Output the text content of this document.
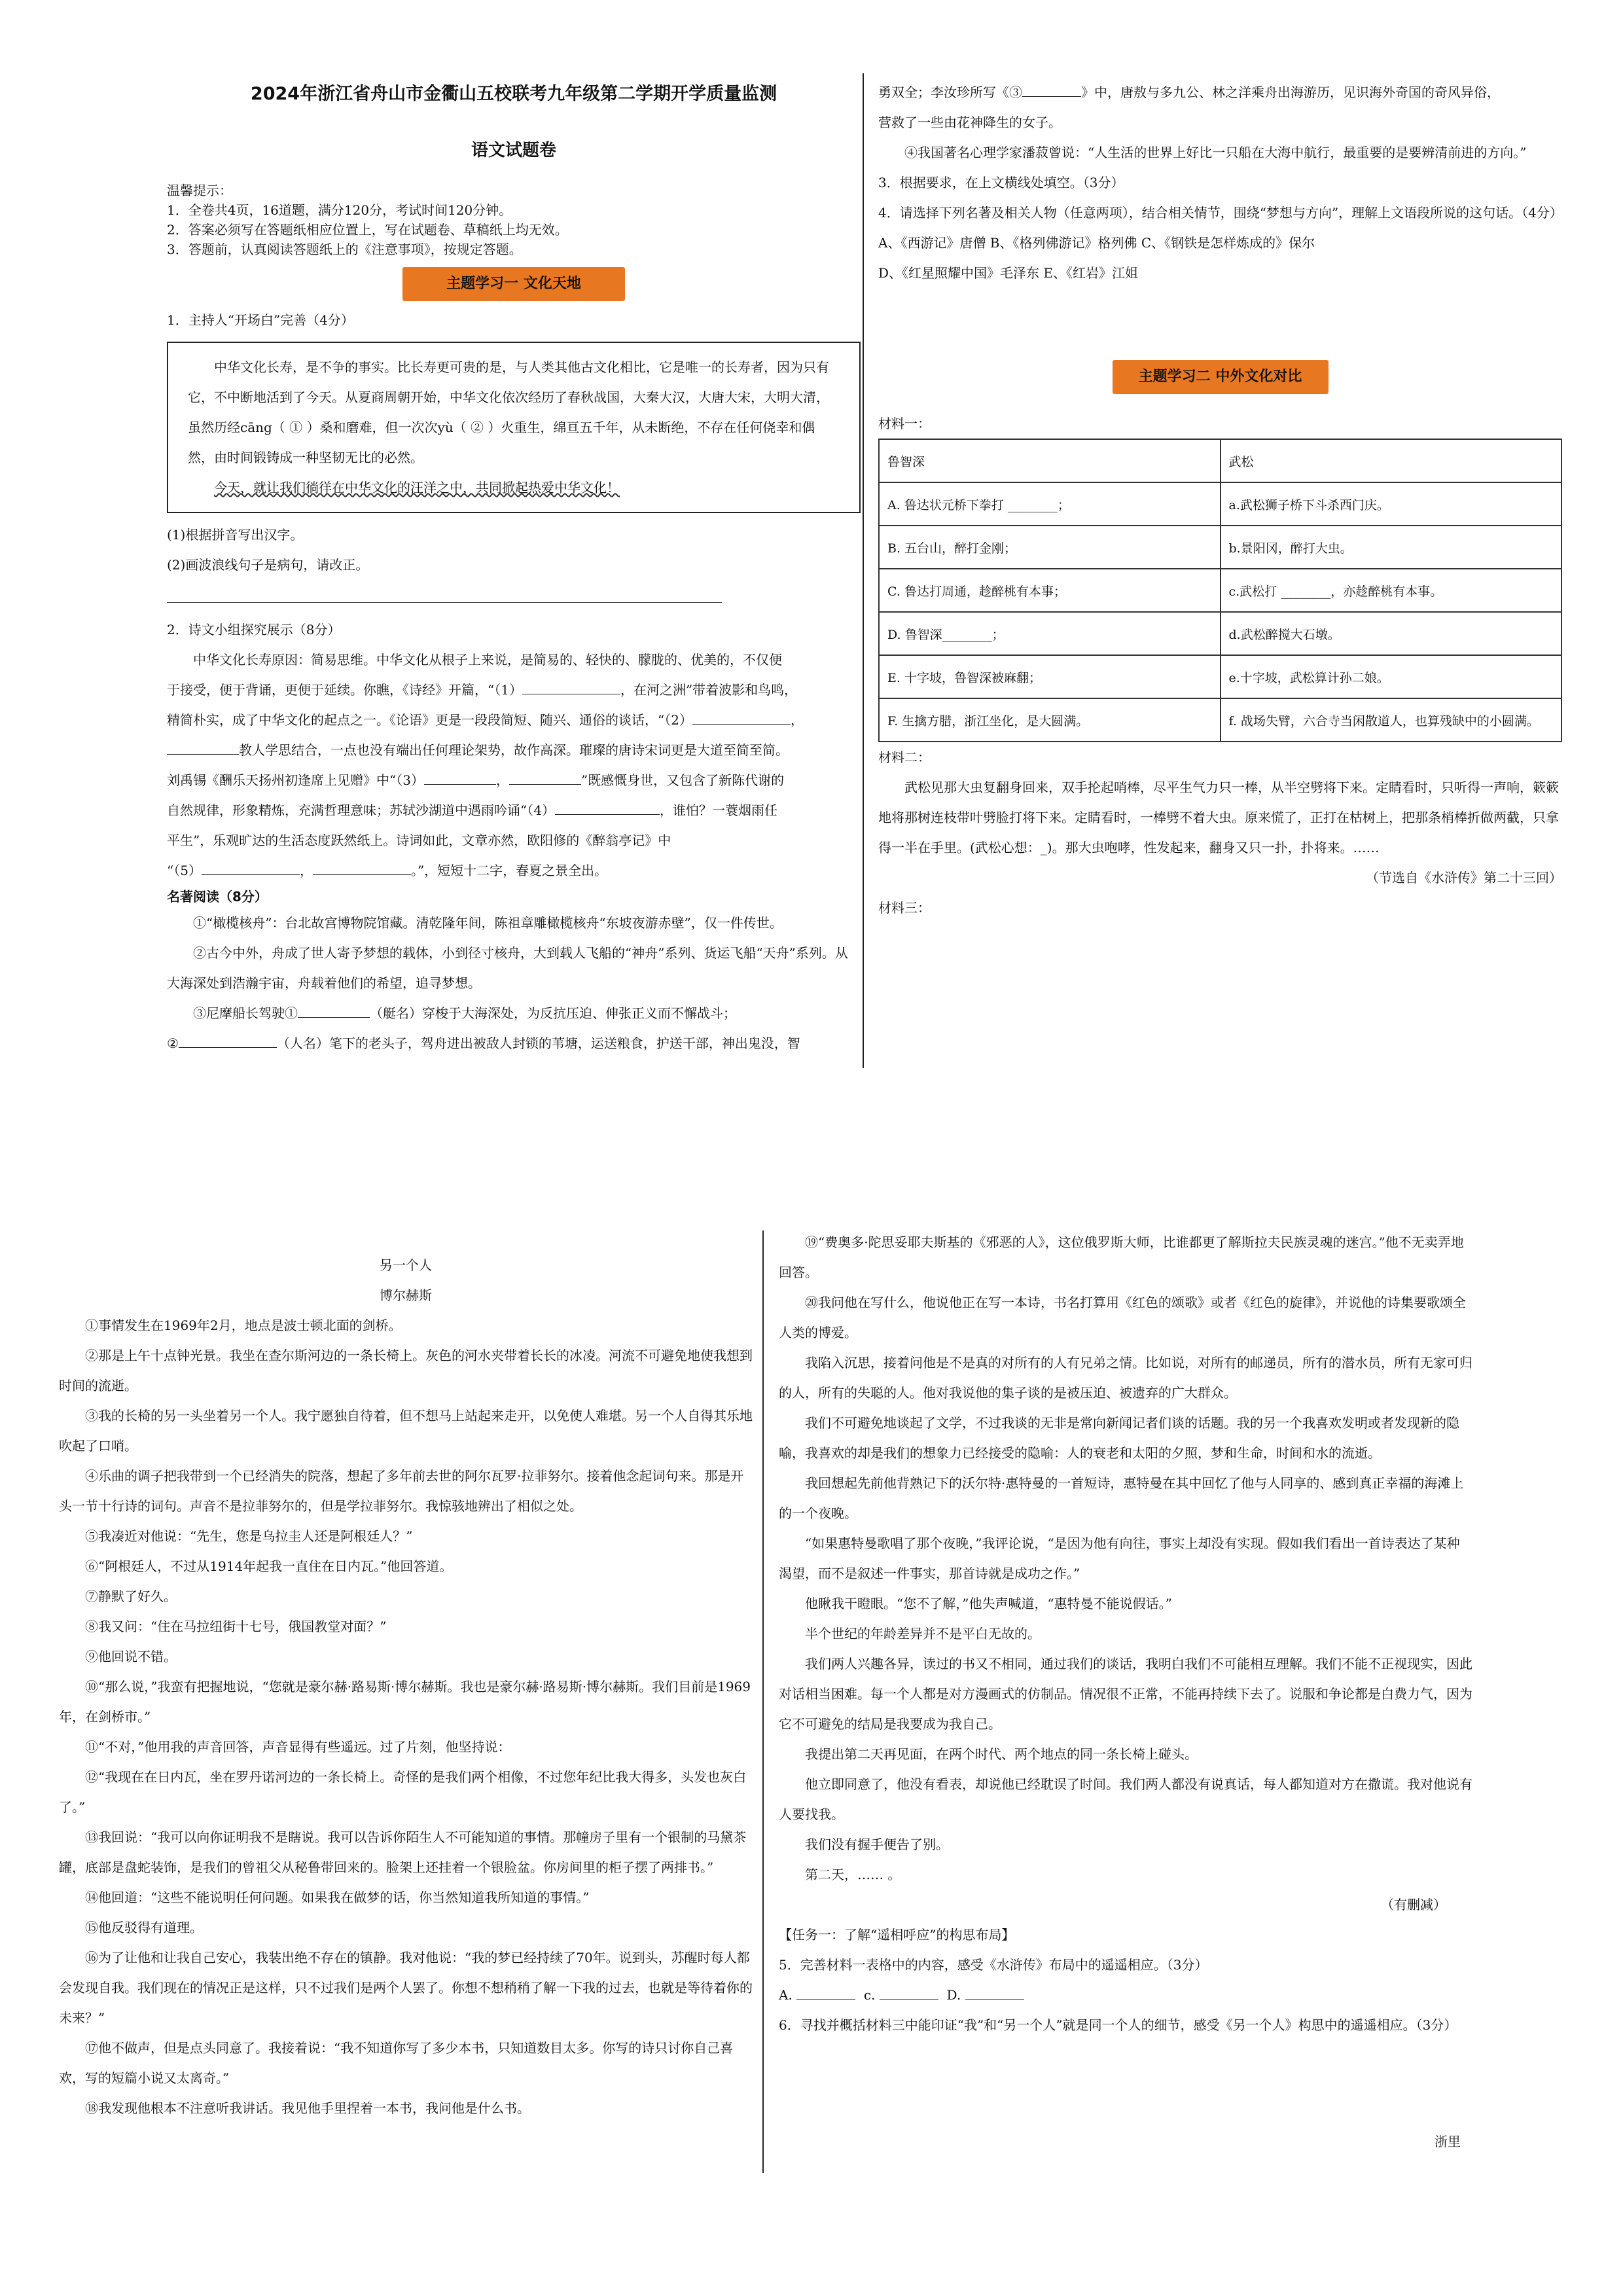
2024年浙江省舟山市金衢山五校联考九年级第二学期开学质量监测

语文试题卷

温馨提示：

1．全卷共4页，16道题，满分120分，考试时间120分钟。

2．答案必须写在答题纸相应位置上，写在试题卷、草稿纸上均无效。

3．答题前，认真阅读答题纸上的《注意事项》，按规定答题。

主题学习一 文化天地

1．主持人“开场白”完善（4分）

中华文化长寿，是不争的事实。比长寿更可贵的是，与人类其他古文化相比，它是唯一的长寿者，因为只有它，不中断地活到了今天。从夏商周朝开始，中华文化依次经历了春秋战国，大秦大汉，大唐大宋，大明大清，虽然历经cāng（ ① ）桑和磨难，但一次次yù（ ② ）火重生，绵亘五千年，从未断绝，不存在任何侥幸和偶然，由时间锻铸成一种坚韧无比的必然。

今天，就让我们徜徉在中华文化的汪洋之中，共同掀起热爱中华文化！

(1)根据拼音写出汉字。

(2)画波浪线句子是病句，请改正。

2．诗文小组探究展示（8分）

中华文化长寿原因：简易思维。中华文化从根子上来说，是简易的、轻快的、朦胧的、优美的，不仅便

于接受，便于背诵，更便于延续。你瞧，《诗经》开篇，“（1）	，在河之洲”带着波影和鸟鸣，

精简朴实，成了中华文化的起点之一。《论语》更是一段段简短、随兴、通俗的谈话，“（2）	，

教人学思结合，一点也没有端出任何理论架势，故作高深。璀璨的唐诗宋词更是大道至简至简。

刘禹锡《酬乐天扬州初逢席上见赠》中“（3）	，	”既感慨身世，又包含了新陈代谢的

自然规律，形象精炼，充满哲理意味；苏轼沙湖道中遇雨吟诵“（4）	，谁怕？一蓑烟雨任

平生”，乐观旷达的生活态度跃然纸上。诗词如此，文章亦然，欧阳修的《醉翁亭记》中

“（5）	，	。”，短短十二字，春夏之景全出。

名著阅读（8分）

①“橄榄核舟”：台北故宫博物院馆藏。清乾隆年间，陈祖章雕橄榄核舟“东坡夜游赤壁”，仅一件传世。

②古今中外，舟成了世人寄予梦想的载体，小到径寸核舟，大到载人飞船的“神舟”系列、货运飞船“天舟”系列。从大海深处到浩瀚宇宙，舟载着他们的希望，追寻梦想。

③尼摩船长驾驶①	（艇名）穿梭于大海深处，为反抗压迫、伸张正义而不懈战斗；

②	（人名）笔下的老头子，驾舟进出被敌人封锁的苇塘，运送粮食，护送干部，神出鬼没，智

勇双全；李汝珍所写《③	》中，唐敖与多九公、林之洋乘舟出海游历，见识海外奇国的奇风异俗，

营救了一些由花神降生的女子。

④我国著名心理学家潘菽曾说：“人生活的世界上好比一只船在大海中航行，最重要的是要辨清前进的方向。”

3．根据要求，在上文横线处填空。（3分）

4．请选择下列名著及相关人物（任意两项），结合相关情节，围绕“梦想与方向”，理解上文语段所说的这句话。（4分）

A、《西游记》唐僧 B、《格列佛游记》格列佛 C、《钢铁是怎样炼成的》保尔

D、《红星照耀中国》毛泽东 E、《红岩》江姐

主题学习二 中外文化对比

材料一：

鲁智深	武松
A. 鲁达状元桥下拳打 ________；	a.武松狮子桥下斗杀西门庆。
B. 五台山，醉打金刚；	b.景阳冈，醉打大虫。
C. 鲁达打周通，趁醉桃有本事；	c.武松打 ________，亦趁醉桃有本事。
D. 鲁智深________；	d.武松醉搅大石墩。
E. 十字坡，鲁智深被麻翻；	e.十字坡，武松算计孙二娘。
F. 生擒方腊，浙江坐化，是大圆满。	f. 战场失臂，六合寺当闲散道人，也算残缺中的小圆满。

材料二：

武松见那大虫复翻身回来，双手抡起哨棒，尽平生气力只一棒，从半空劈将下来。定睛看时，只听得一声响，簌簌地将那树连枝带叶劈脸打将下来。定睛看时，一棒劈不着大虫。原来慌了，正打在枯树上，把那条梢棒折做两截，只拿得一半在手里。(武松心想：_)。那大虫咆哮，性发起来，翻身又只一扑，扑将来。……

（节选自《水浒传》第二十三回）

材料三：

另一个人

博尔赫斯

①事情发生在1969年2月，地点是波士顿北面的剑桥。

②那是上午十点钟光景。我坐在查尔斯河边的一条长椅上。灰色的河水夹带着长长的冰凌。河流不可避免地使我想到时间的流逝。

③我的长椅的另一头坐着另一个人。我宁愿独自待着，但不想马上站起来走开，以免使人难堪。另一个人自得其乐地吹起了口哨。

④乐曲的调子把我带到一个已经消失的院落，想起了多年前去世的阿尔瓦罗·拉菲努尔。接着他念起词句来。那是开头一节十行诗的词句。声音不是拉菲努尔的，但是学拉菲努尔。我惊骇地辨出了相似之处。

⑤我凑近对他说：“先生，您是乌拉圭人还是阿根廷人？”

⑥“阿根廷人，不过从1914年起我一直住在日内瓦。”他回答道。

⑦静默了好久。

⑧我又问：“住在马拉纽街十七号，俄国教堂对面？”

⑨他回说不错。

⑩“那么说，”我蛮有把握地说，“您就是豪尔赫·路易斯·博尔赫斯。我也是豪尔赫·路易斯·博尔赫斯。我们目前是1969年，在剑桥市。”

⑪“不对，”他用我的声音回答，声音显得有些遥远。过了片刻，他坚持说：

⑫“我现在在日内瓦，坐在罗丹诺河边的一条长椅上。奇怪的是我们两个相像，不过您年纪比我大得多，头发也灰白了。”

⑬我回说：“我可以向你证明我不是瞎说。我可以告诉你陌生人不可能知道的事情。那幢房子里有一个银制的马黛茶罐，底部是盘蛇装饰，是我们的曾祖父从秘鲁带回来的。脸架上还挂着一个银脸盆。你房间里的柜子摆了两排书。”

⑭他回道：“这些不能说明任何问题。如果我在做梦的话，你当然知道我所知道的事情。”

⑮他反驳得有道理。

⑯为了让他和让我自己安心，我装出绝不存在的镇静。我对他说：“我的梦已经持续了70年。说到头，苏醒时每人都会发现自我。我们现在的情况正是这样，只不过我们是两个人罢了。你想不想稍稍了解一下我的过去，也就是等待着你的未来？”

⑰他不做声，但是点头同意了。我接着说：“我不知道你写了多少本书，只知道数目太多。你写的诗只讨你自己喜欢，写的短篇小说又太离奇。”

⑱我发现他根本不注意听我讲话。我见他手里捏着一本书，我问他是什么书。

⑲“费奥多·陀思妥耶夫斯基的《邪恶的人》，这位俄罗斯大师，比谁都更了解斯拉夫民族灵魂的迷宫。”他不无卖弄地回答。

⑳我问他在写什么，他说他正在写一本诗，书名打算用《红色的颂歌》或者《红色的旋律》，并说他的诗集要歌颂全人类的博爱。

我陷入沉思，接着问他是不是真的对所有的人有兄弟之情。比如说，对所有的邮递员，所有的潜水员，所有无家可归的人，所有的失聪的人。他对我说他的集子谈的是被压迫、被遗弃的广大群众。

我们不可避免地谈起了文学，不过我谈的无非是常向新闻记者们谈的话题。我的另一个我喜欢发明或者发现新的隐喻，我喜欢的却是我们的想象力已经接受的隐喻：人的衰老和太阳的夕照，梦和生命，时间和水的流逝。

我回想起先前他背熟记下的沃尔特·惠特曼的一首短诗，惠特曼在其中回忆了他与人同享的、感到真正幸福的海滩上的一个夜晚。

“如果惠特曼歌唱了那个夜晚，”我评论说，“是因为他有向往，事实上却没有实现。假如我们看出一首诗表达了某种渴望，而不是叙述一件事实，那首诗就是成功之作。”

他瞅我干瞪眼。“您不了解，”他失声喊道，“惠特曼不能说假话。”

半个世纪的年龄差异并不是平白无故的。

我们两人兴趣各异，读过的书又不相同，通过我们的谈话，我明白我们不可能相互理解。我们不能不正视现实，因此对话相当困难。每一个人都是对方漫画式的仿制品。情况很不正常，不能再持续下去了。说服和争论都是白费力气，因为它不可避免的结局是我要成为我自己。

我提出第二天再见面，在两个时代、两个地点的同一条长椅上碰头。

他立即同意了，他没有看表，却说他已经耽误了时间。我们两人都没有说真话，每人都知道对方在撒谎。我对他说有人要找我。

我们没有握手便告了别。

第二天，…… 。

（有删减）

【任务一：了解“遥相呼应”的构思布局】

5．完善材料一表格中的内容，感受《水浒传》布局中的遥遥相应。（3分）

A.	c.	D.

6．寻找并概括材料三中能印证“我”和“另一个人”就是同一个人的细节，感受《另一个人》构思中的遥遥相应。（3分）

浙里
